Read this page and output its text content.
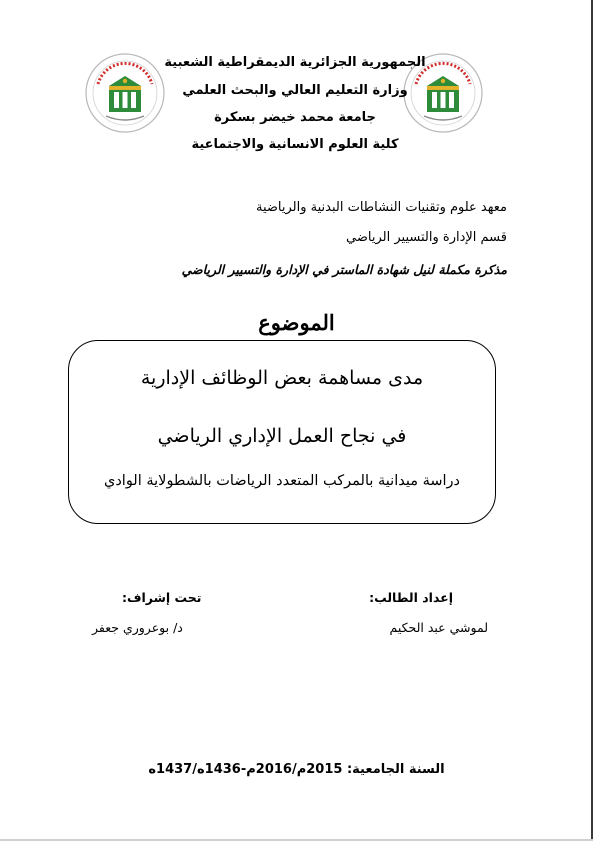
الجمهورية الجزائرية الديمقراطية الشعبية
وزارة التعليم العالي والبحث العلمي
جامعة محمد خيضر بسكرة
كلية العلوم الانسانية والاجتماعية
معهد علوم وتقنيات النشاطات البدنية والرياضية
قسم الإدارة والتسيير الرياضي
مذكرة مكملة لنيل شهادة الماستر في الإدارة والتسيير الرياضي
الموضوع
مدى مساهمة بعض الوظائف الإدارية
في نجاح العمل الإداري الرياضي
دراسة ميدانية بالمركب المتعدد الرياضات بالشطولاية الوادي
إعداد الطالب:
لموشي عبد الحكيم
تحت إشراف:
د/ بوعروري جعفر
السنة الجامعية: 2015م/2016م-1436ه/1437ه
